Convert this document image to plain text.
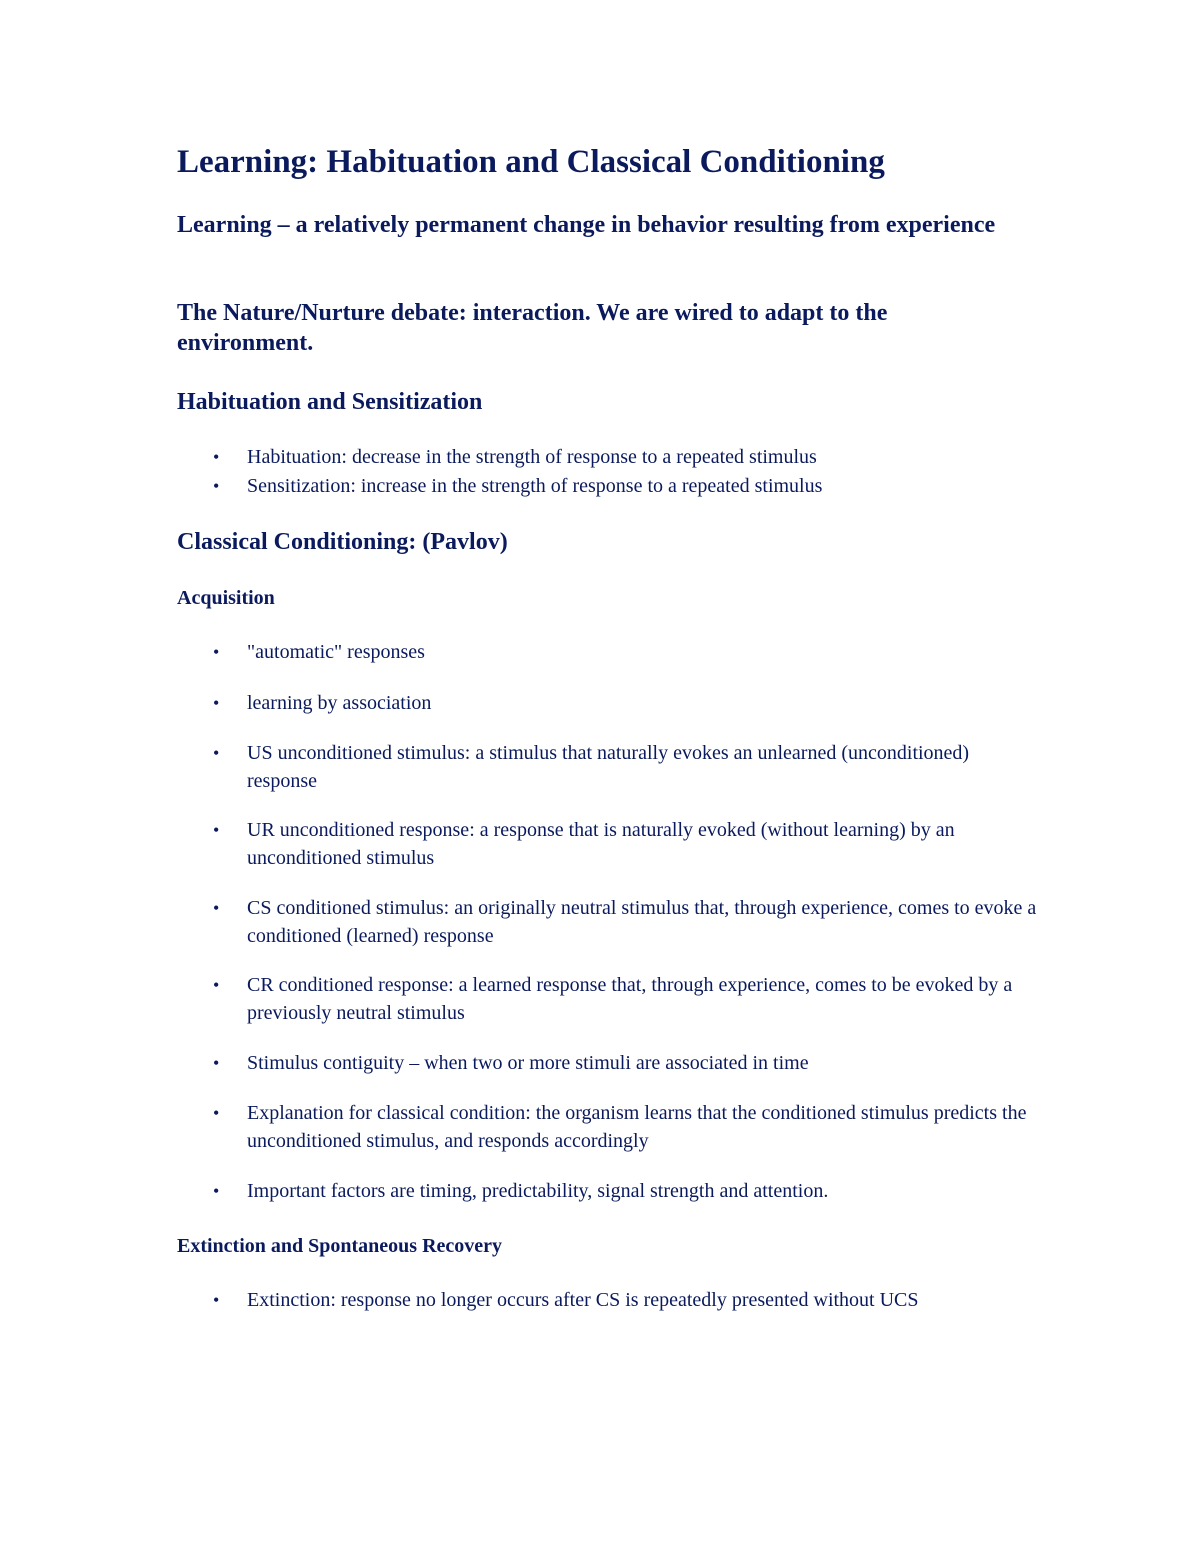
Learning: Habituation and Classical Conditioning

Learning – a relatively permanent change in behavior resulting from experience

The Nature/Nurture debate: interaction. We are wired to adapt to the environment.

Habituation and Sensitization
• Habituation: decrease in the strength of response to a repeated stimulus
• Sensitization: increase in the strength of response to a repeated stimulus
Classical Conditioning: (Pavlov)
Acquisition
• "automatic" responses
• learning by association
• US unconditioned stimulus: a stimulus that naturally evokes an unlearned (unconditioned) response
• UR unconditioned response: a response that is naturally evoked (without learning) by an unconditioned stimulus
• CS conditioned stimulus: an originally neutral stimulus that, through experience, comes to evoke a conditioned (learned) response
• CR conditioned response: a learned response that, through experience, comes to be evoked by a previously neutral stimulus
• Stimulus contiguity – when two or more stimuli are associated in time
• Explanation for classical condition: the organism learns that the conditioned stimulus predicts the unconditioned stimulus, and responds accordingly
• Important factors are timing, predictability, signal strength and attention.
Extinction and Spontaneous Recovery
• Extinction: response no longer occurs after CS is repeatedly presented without UCS
